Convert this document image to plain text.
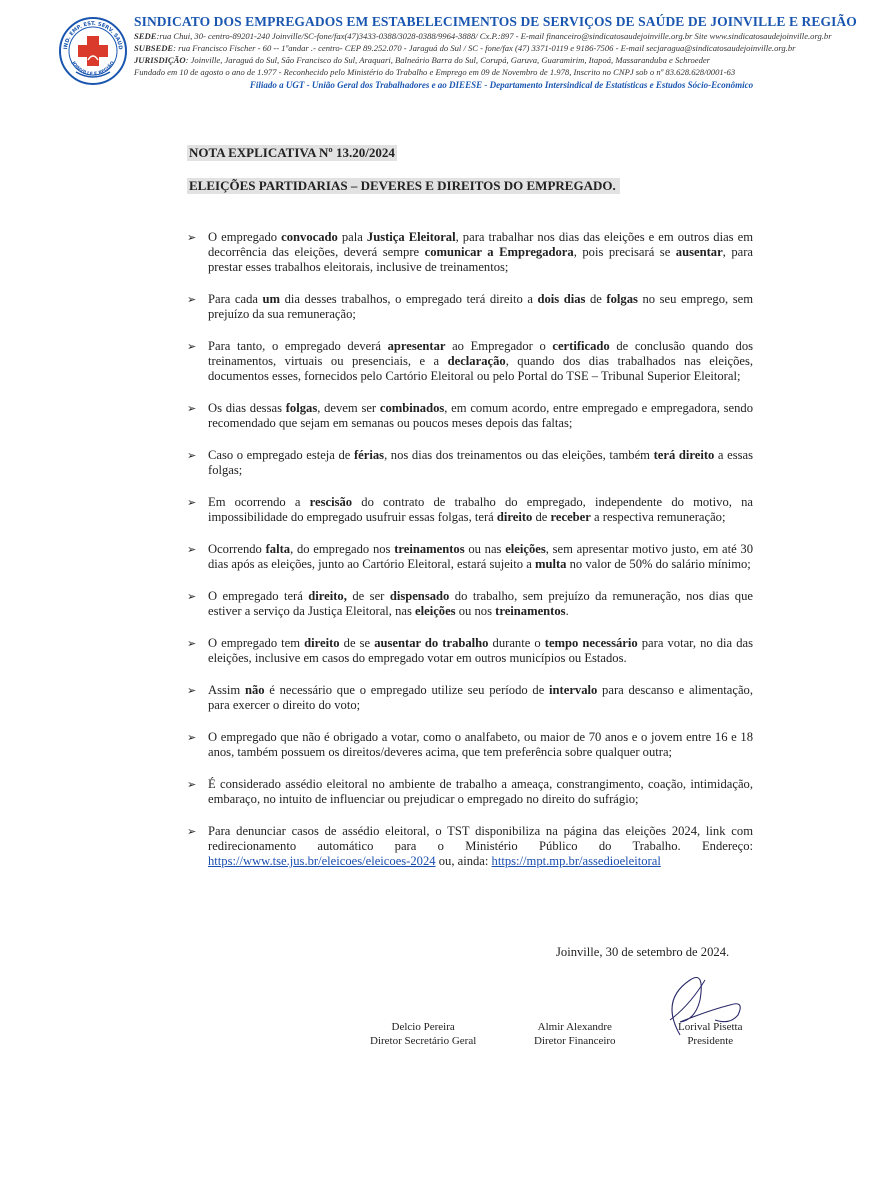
IND. EMP. EST. SERV. SAÚD
JOINVILLE E REGIÃO
SINDICATO DOS EMPREGADOS EM ESTABELECIMENTOS DE SERVIÇOS DE SAÚDE DE JOINVILLE E REGIÃO
SEDE:rua Chui, 30- centro-89201-240 Joinville/SC-fone/fax(47)3433-0388/3028-0388/9964-3888/ Cx.P.:897 - E-mail financeiro@sindicatosaudejoinville.org.br Site www.sindicatosaudejoinville.org.br
SUBSEDE: rua Francisco Fischer - 60 -- 1ºandar .- centro- CEP 89.252.070 - Jaraguá do Sul / SC - fone/fax (47) 3371-0119 e 9186-7506 - E-mail secjaragua@sindicatosaudejoinville.org.br
JURISDIÇÃO: Joinville, Jaraguá do Sul, São Francisco do Sul, Araquari, Balneário Barra do Sul, Corupá, Garuva, Guaramirim, Itapoá, Massaranduba e Schroeder
Fundado em 10 de agosto o ano de 1.977 - Reconhecido pelo Ministério do Trabalho e Emprego em 09 de Novembro de 1.978, Inscrito no CNPJ sob o nº 83.628.628/0001-63
Filiado a UGT - União Geral dos Trabalhadores e ao DIEESE - Departamento Intersindical de Estatísticas e Estudos Sócio-Econômico
NOTA EXPLICATIVA Nº 13.20/2024
ELEIÇÕES PARTIDARIAS – DEVERES E DIREITOS DO EMPREGADO.
➢ O empregado convocado pala Justiça Eleitoral, para trabalhar nos dias das eleições e em outros dias em decorrência das eleições, deverá sempre comunicar a Empregadora, pois precisará se ausentar, para prestar esses trabalhos eleitorais, inclusive de treinamentos;
➢ Para cada um dia desses trabalhos, o empregado terá direito a dois dias de folgas no seu emprego, sem prejuízo da sua remuneração;
➢ Para tanto, o empregado deverá apresentar ao Empregador o certificado de conclusão quando dos treinamentos, virtuais ou presenciais, e a declaração, quando dos dias trabalhados nas eleições, documentos esses, fornecidos pelo Cartório Eleitoral ou pelo Portal do TSE – Tribunal Superior Eleitoral;
➢ Os dias dessas folgas, devem ser combinados, em comum acordo, entre empregado e empregadora, sendo recomendado que sejam em semanas ou poucos meses depois das faltas;
➢ Caso o empregado esteja de férias, nos dias dos treinamentos ou das eleições, também terá direito a essas folgas;
➢ Em ocorrendo a rescisão do contrato de trabalho do empregado, independente do motivo, na impossibilidade do empregado usufruir essas folgas, terá direito de receber a respectiva remuneração;
➢ Ocorrendo falta, do empregado nos treinamentos ou nas eleições, sem apresentar motivo justo, em até 30 dias após as eleições, junto ao Cartório Eleitoral, estará sujeito a multa no valor de 50% do salário mínimo;
➢ O empregado terá direito, de ser dispensado do trabalho, sem prejuízo da remuneração, nos dias que estiver a serviço da Justiça Eleitoral, nas eleições ou nos treinamentos.
➢ O empregado tem direito de se ausentar do trabalho durante o tempo necessário para votar, no dia das eleições, inclusive em casos do empregado votar em outros municípios ou Estados.
➢ Assim não é necessário que o empregado utilize seu período de intervalo para descanso e alimentação, para exercer o direito do voto;
➢ O empregado que não é obrigado a votar, como o analfabeto, ou maior de 70 anos e o jovem entre 16 e 18 anos, também possuem os direitos/deveres acima, que tem preferência sobre qualquer outra;
➢ É considerado assédio eleitoral no ambiente de trabalho a ameaça, constrangimento, coação, intimidação, embaraço, no intuito de influenciar ou prejudicar o empregado no direito do sufrágio;
➢ Para denunciar casos de assédio eleitoral, o TST disponibiliza na página das eleições 2024, link com redirecionamento automático para o Ministério Público do Trabalho. Endereço: https://www.tse.jus.br/eleicoes/eleicoes-2024 ou, ainda: https://mpt.mp.br/assedioeleitoral
Joinville, 30 de setembro de 2024.
Delcio Pereira
Diretor Secretário Geral
Almir Alexandre
Diretor Financeiro
Lorival Pisetta
Presidente
